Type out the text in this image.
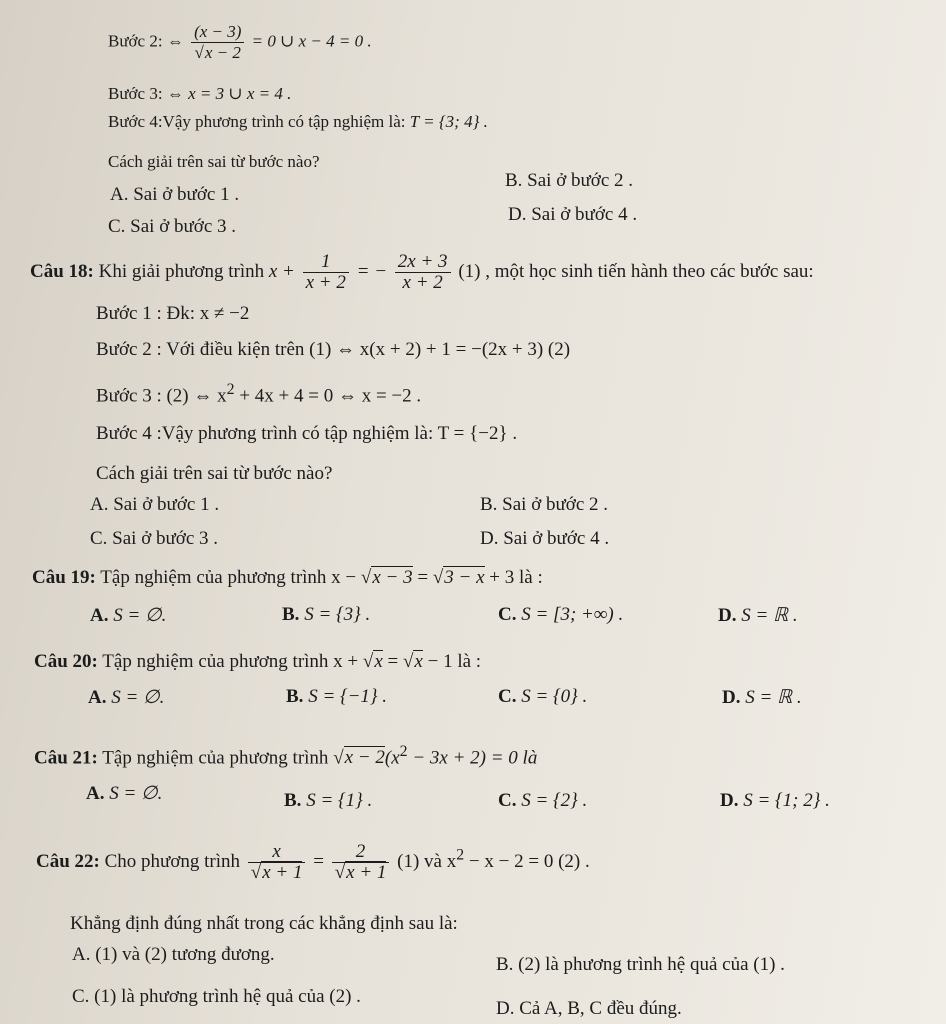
Bước 2: ⇔ $\frac{(x - 3)}{√x - 2} = 0$ ∪ x − 4 = 0 .
Bước 3: ⇔ x = 3 ∪ x = 4 .
Bước 4:Vậy phương trình có tập nghiệm là: T = {3; 4} .
Cách giải trên sai từ bước nào?
A. Sai ở bước 1 .
B. Sai ở bước 2 .
C. Sai ở bước 3 .
D. Sai ở bước 4 .
Câu 18: Khi giải phương trình $x + \frac{1}{x + 2}$ = − $\frac{2x + 3}{x + 2} (1)$ , một học sinh tiến hành theo các bước sau:
Bước 1 : Đk: x ≠ −2
Bước 2 : Với điều kiện trên (1) ⇔ x(x + 2) + 1 = −(2x + 3) (2)
Bước 3 : (2) ⇔ $x^2 + 4x + 4 = 0$ ⇔ x = −2 .
Bước 4 :Vậy phương trình có tập nghiệm là: T = {−2} .
Cách giải trên sai từ bước nào?
A. Sai ở bước 1 .	B. Sai ở bước 2 .
C. Sai ở bước 3 .	D. Sai ở bước 4 .
Câu 19: Tập nghiệm của phương trình x − √x − 3 = √3 − x + 3 là :
A. S = ∅.	B. S = {3} .	C. S = [3; +∞) .	D. S = ℝ .
Câu 20: Tập nghiệm của phương trình x + √x = √x − 1 là :
A. S = ∅.	B. S = {−1} .	C. S = {0} .	D. S = ℝ .
Câu 21: Tập nghiệm của phương trình $√x - 2(x^2 - 3x + 2) = 0$ là
A. S = ∅.	B. S = {1} .	C. S = {2} .	D. S = {1; 2} .
Câu 22: Cho phương trình $\frac{x}{√x + 1} = \frac{2}{√x + 1} (1)$ và $x^2 - x - 2 = 0$ (2) .
Khẳng định đúng nhất trong các khẳng định sau là:
A. (1) và (2) tương đương.	B. (2) là phương trình hệ quả của (1) .
C. (1) là phương trình hệ quả của (2) .
D. Cả A, B, C đều đúng.
